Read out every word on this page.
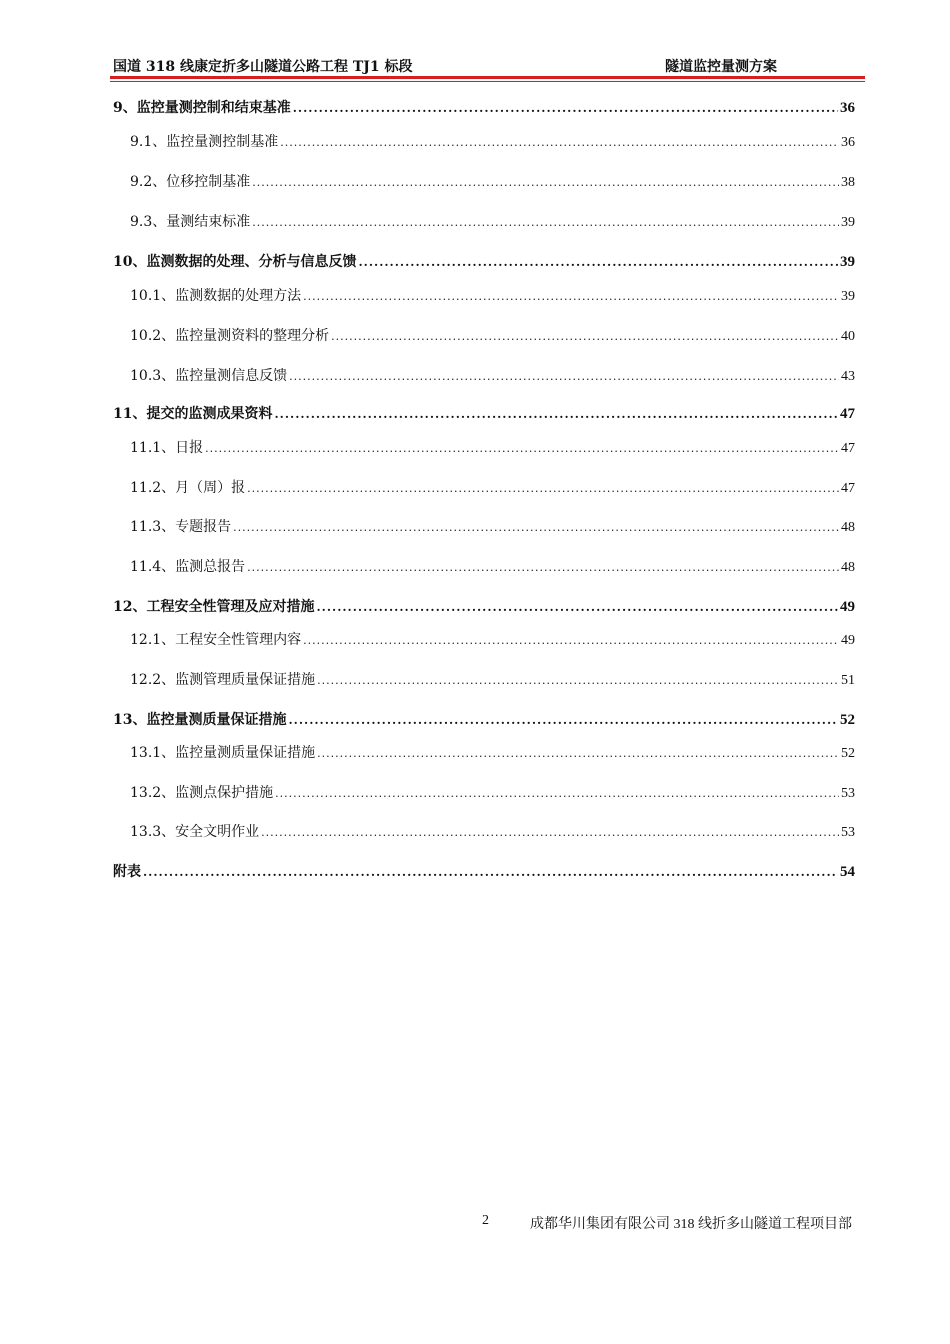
国道 318 线康定折多山隧道公路工程 TJ1 标段	隧道监控量测方案
9、监控量测控制和结束基准 .....	36
9.1、监控量测控制基准 .....	36
9.2、位移控制基准 .....	38
9.3、量测结束标准 .....	39
10、监测数据的处理、分析与信息反馈 .....	39
10.1、监测数据的处理方法 .....	39
10.2、监控量测资料的整理分析 .....	40
10.3、监控量测信息反馈 .....	43
11、提交的监测成果资料 .....	47
11.1、日报 .....	47
11.2、月（周）报 .....	47
11.3、专题报告 .....	48
11.4、监测总报告 .....	48
12、工程安全性管理及应对措施 .....	49
12.1、工程安全性管理内容 .....	49
12.2、监测管理质量保证措施 .....	51
13、监控量测质量保证措施 .....	52
13.1、监控量测质量保证措施 .....	52
13.2、监测点保护措施 .....	53
13.3、安全文明作业 .....	53
附表 .....	54
2	成都华川集团有限公司 318 线折多山隧道工程项目部
